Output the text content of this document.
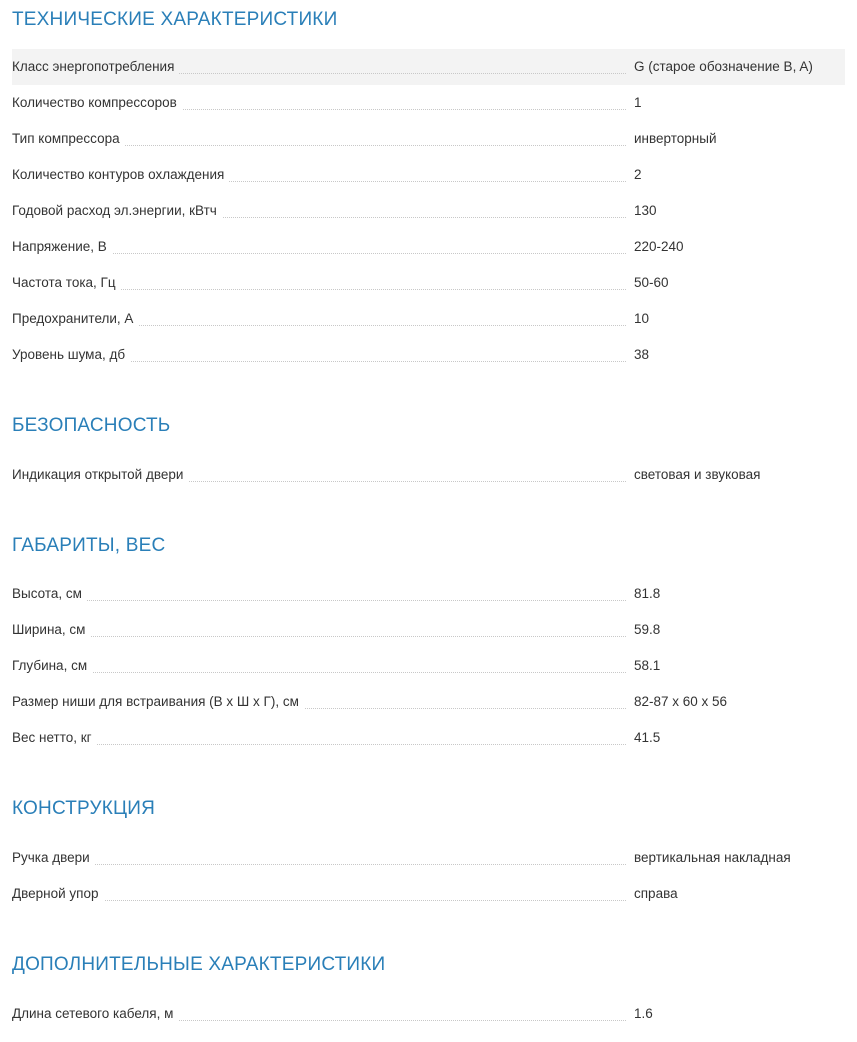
ТЕХНИЧЕСКИЕ ХАРАКТЕРИСТИКИ
Класс энергопотребления	G (старое обозначение B, A)
Количество компрессоров	1
Тип компрессора	инверторный
Количество контуров охлаждения	2
Годовой расход эл.энергии, кВтч	130
Напряжение, В	220-240
Частота тока, Гц	50-60
Предохранители, А	10
Уровень шума, дб	38
БЕЗОПАСНОСТЬ
Индикация открытой двери	световая и звуковая
ГАБАРИТЫ, ВЕС
Высота, см	81.8
Ширина, см	59.8
Глубина, см	58.1
Размер ниши для встраивания (В х Ш х Г), см	82-87 x 60 x 56
Вес нетто, кг	41.5
КОНСТРУКЦИЯ
Ручка двери	вертикальная накладная
Дверной упор	справа
ДОПОЛНИТЕЛЬНЫЕ ХАРАКТЕРИСТИКИ
Длина сетевого кабеля, м	1.6
